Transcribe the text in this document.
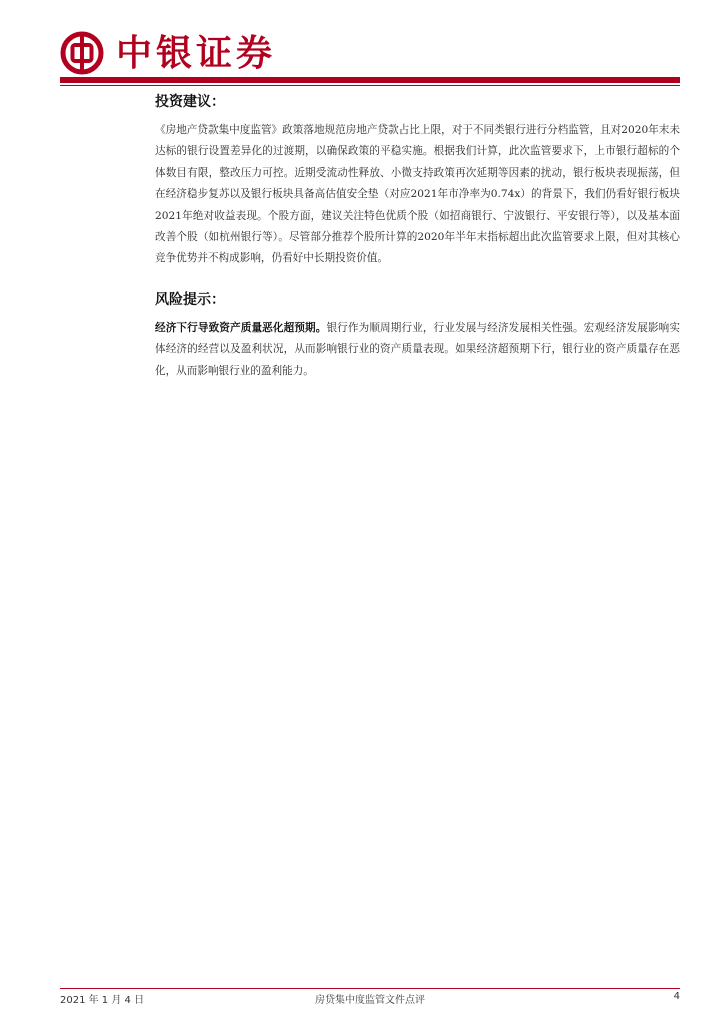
中银证券
投资建议：

《房地产贷款集中度监管》政策落地规范房地产贷款占比上限，对于不同类银行进行分档监管，且对2020年末未达标的银行设置差异化的过渡期，以确保政策的平稳实施。根据我们计算，此次监管要求下，上市银行超标的个体数目有限，整改压力可控。近期受流动性释放、小微支持政策再次延期等因素的扰动，银行板块表现振荡，但在经济稳步复苏以及银行板块具备高估值安全垫（对应2021年市净率为0.74x）的背景下，我们仍看好银行板块2021年绝对收益表现。个股方面，建议关注特色优质个股（如招商银行、宁波银行、平安银行等），以及基本面改善个股（如杭州银行等）。尽管部分推荐个股所计算的2020年半年末指标超出此次监管要求上限，但对其核心竞争优势并不构成影响，仍看好中长期投资价值。

风险提示：

经济下行导致资产质量恶化超预期。银行作为顺周期行业，行业发展与经济发展相关性强。宏观经济发展影响实体经济的经营以及盈利状况，从而影响银行业的资产质量表现。如果经济超预期下行，银行业的资产质量存在恶化，从而影响银行业的盈利能力。

2021 年 1 月 4 日	房贷集中度监管文件点评	4
